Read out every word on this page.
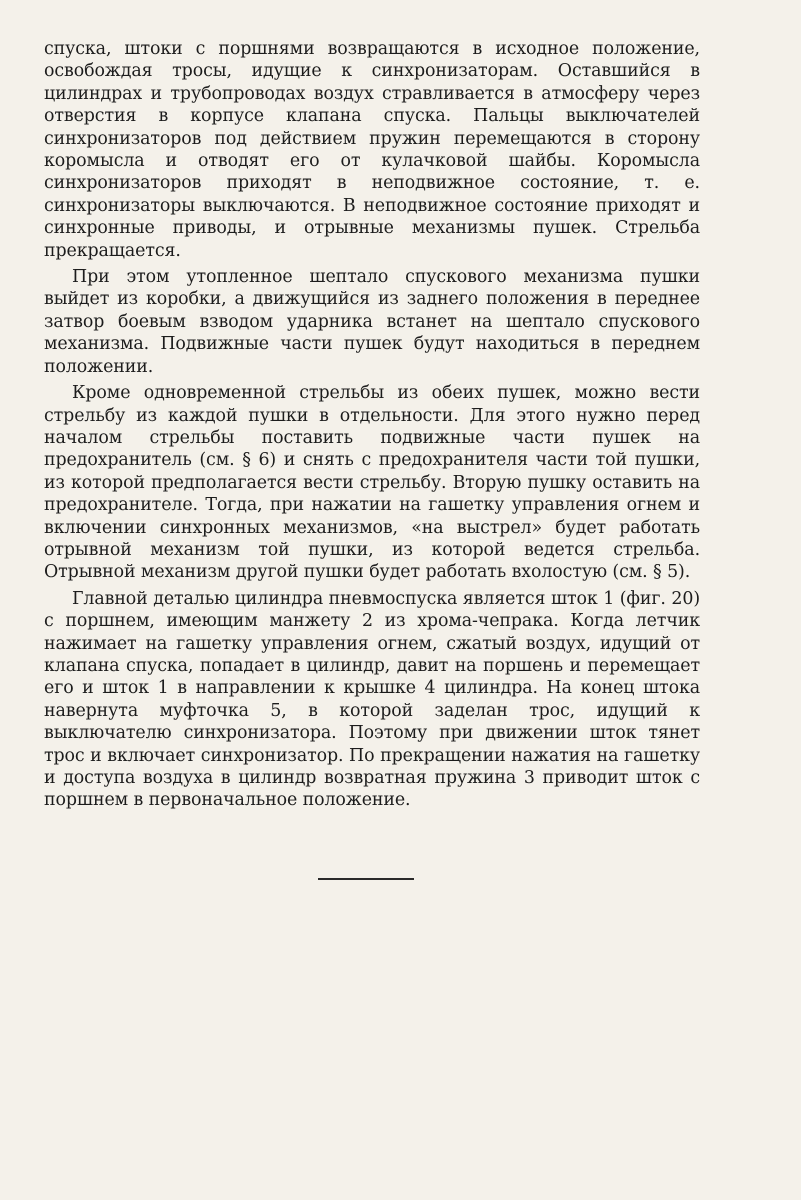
спуска, штоки с поршнями возвращаются в исходное положение, освобождая тросы, идущие к синхронизаторам. Оставшийся в цилиндрах и трубопроводах воздух стравливается в атмосферу через отверстия в корпусе клапана спуска. Пальцы выключателей синхронизаторов под действием пружин перемещаются в сторону коромысла и отводят его от кулачковой шайбы. Коромысла синхронизаторов приходят в неподвижное состояние, т. е. синхронизаторы выключаются. В неподвижное состояние приходят и синхронные приводы, и отрывные механизмы пушек. Стрельба прекращается.

При этом утопленное шептало спускового механизма пушки выйдет из коробки, а движущийся из заднего положения в переднее затвор боевым взводом ударника встанет на шептало спускового механизма. Подвижные части пушек будут находиться в переднем положении.

Кроме одновременной стрельбы из обеих пушек, можно вести стрельбу из каждой пушки в отдельности. Для этого нужно перед началом стрельбы поставить подвижные части пушек на предохранитель (см. § 6) и снять с предохранителя части той пушки, из которой предполагается вести стрельбу. Вторую пушку оставить на предохранителе. Тогда, при нажатии на гашетку управления огнем и включении синхронных механизмов, «на выстрел» будет работать отрывной механизм той пушки, из которой ведется стрельба. Отрывной механизм другой пушки будет работать вхолостую (см. § 5).

Главной деталью цилиндра пневмоспуска является шток 1 (фиг. 20) с поршнем, имеющим манжету 2 из хрома-чепрака. Когда летчик нажимает на гашетку управления огнем, сжатый воздух, идущий от клапана спуска, попадает в цилиндр, давит на поршень и перемещает его и шток 1 в направлении к крышке 4 цилиндра. На конец штока навернута муфточка 5, в которой заделан трос, идущий к выключателю синхронизатора. Поэтому при движении шток тянет трос и включает синхронизатор. По прекращении нажатия на гашетку и доступа воздуха в цилиндр возвратная пружина 3 приводит шток с поршнем в первоначальное положение.
